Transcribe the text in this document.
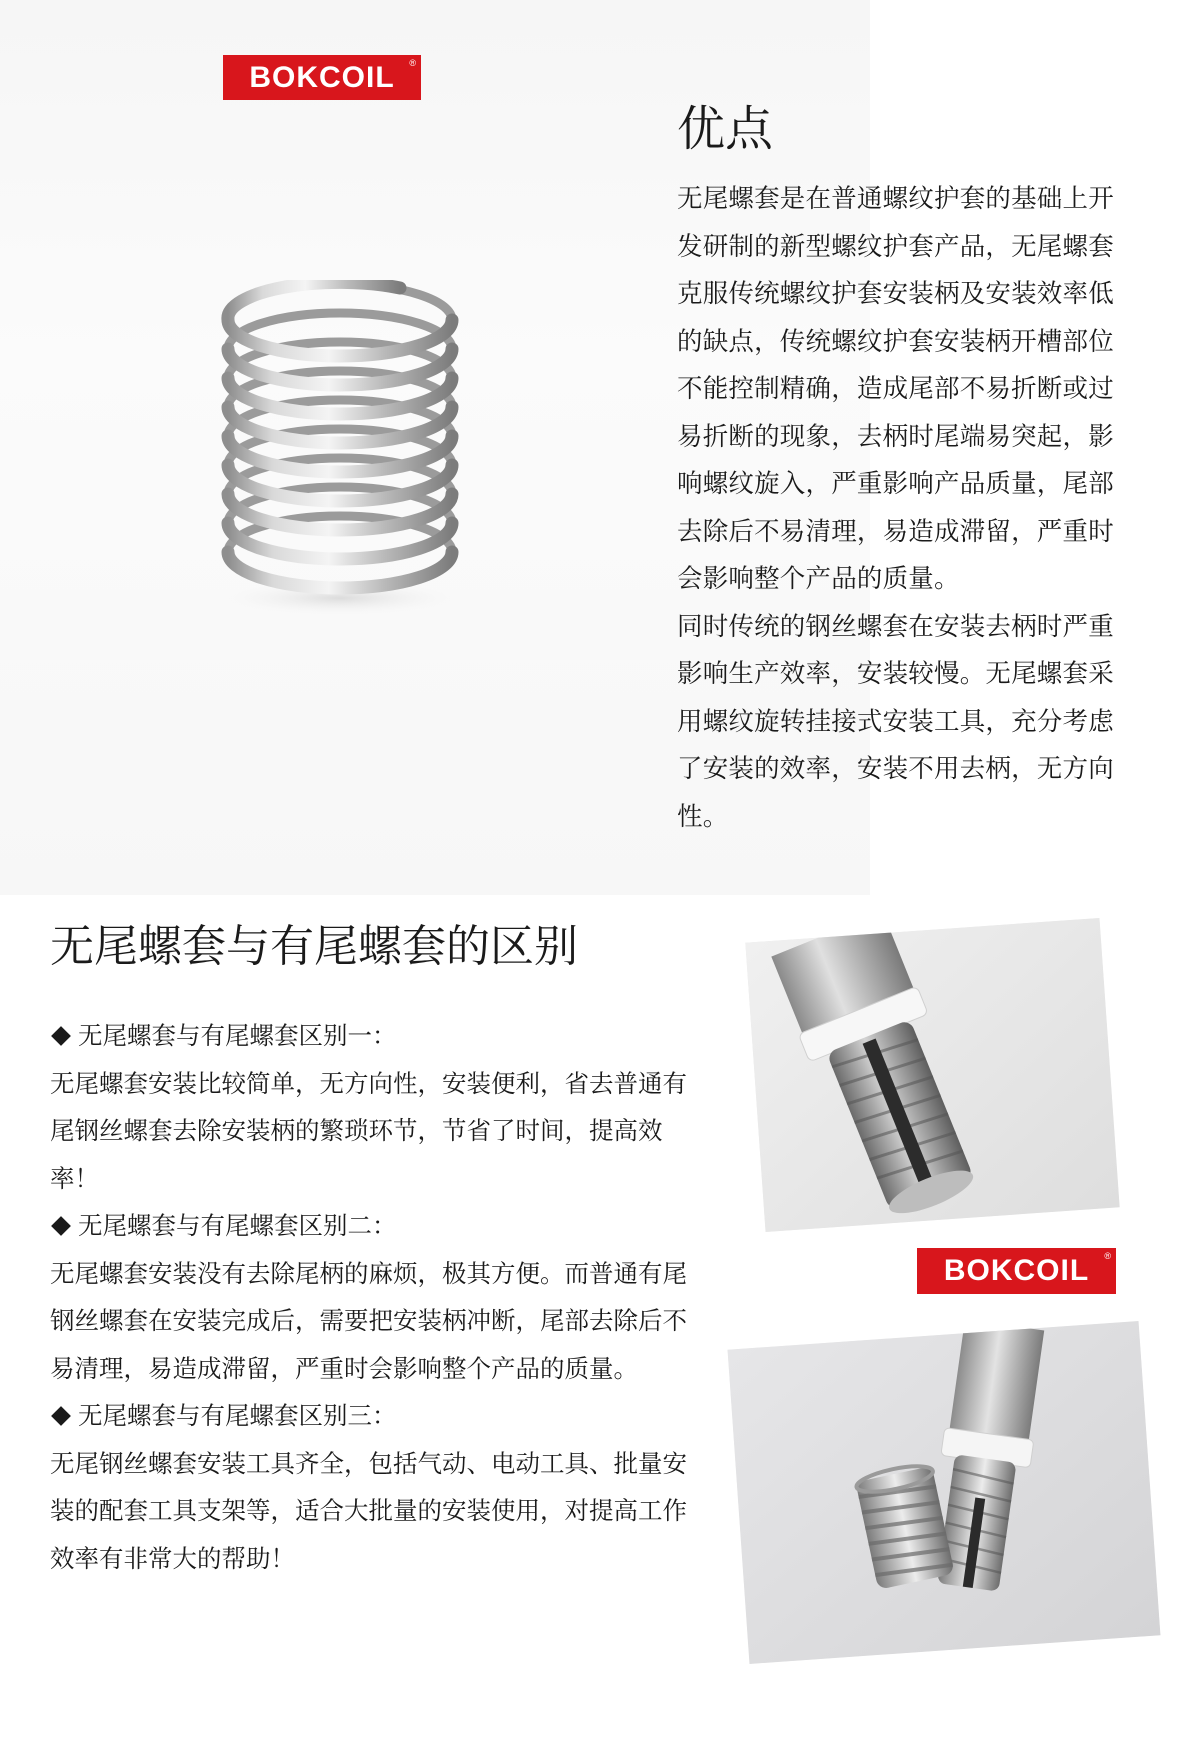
BOKCOIL ®
优点

无尾螺套是在普通螺纹护套的基础上开发研制的新型螺纹护套产品，无尾螺套克服传统螺纹护套安装柄及安装效率低的缺点，传统螺纹护套安装柄开槽部位不能控制精确，造成尾部不易折断或过易折断的现象，去柄时尾端易突起，影响螺纹旋入，严重影响产品质量，尾部去除后不易清理，易造成滞留，严重时会影响整个产品的质量。

同时传统的钢丝螺套在安装去柄时严重影响生产效率，安装较慢。无尾螺套采用螺纹旋转挂接式安装工具，充分考虑了安装的效率，安装不用去柄，无方向性。

无尾螺套与有尾螺套的区别

无尾螺套与有尾螺套区别一：

无尾螺套安装比较简单，无方向性，安装便利，省去普通有尾钢丝螺套去除安装柄的繁琐环节，节省了时间，提高效率！

无尾螺套与有尾螺套区别二：

无尾螺套安装没有去除尾柄的麻烦，极其方便。而普通有尾钢丝螺套在安装完成后，需要把安装柄冲断，尾部去除后不易清理，易造成滞留，严重时会影响整个产品的质量。

无尾螺套与有尾螺套区别三：

无尾钢丝螺套安装工具齐全，包括气动、电动工具、批量安装的配套工具支架等，适合大批量的安装使用，对提高工作效率有非常大的帮助！

BOKCOIL ®
